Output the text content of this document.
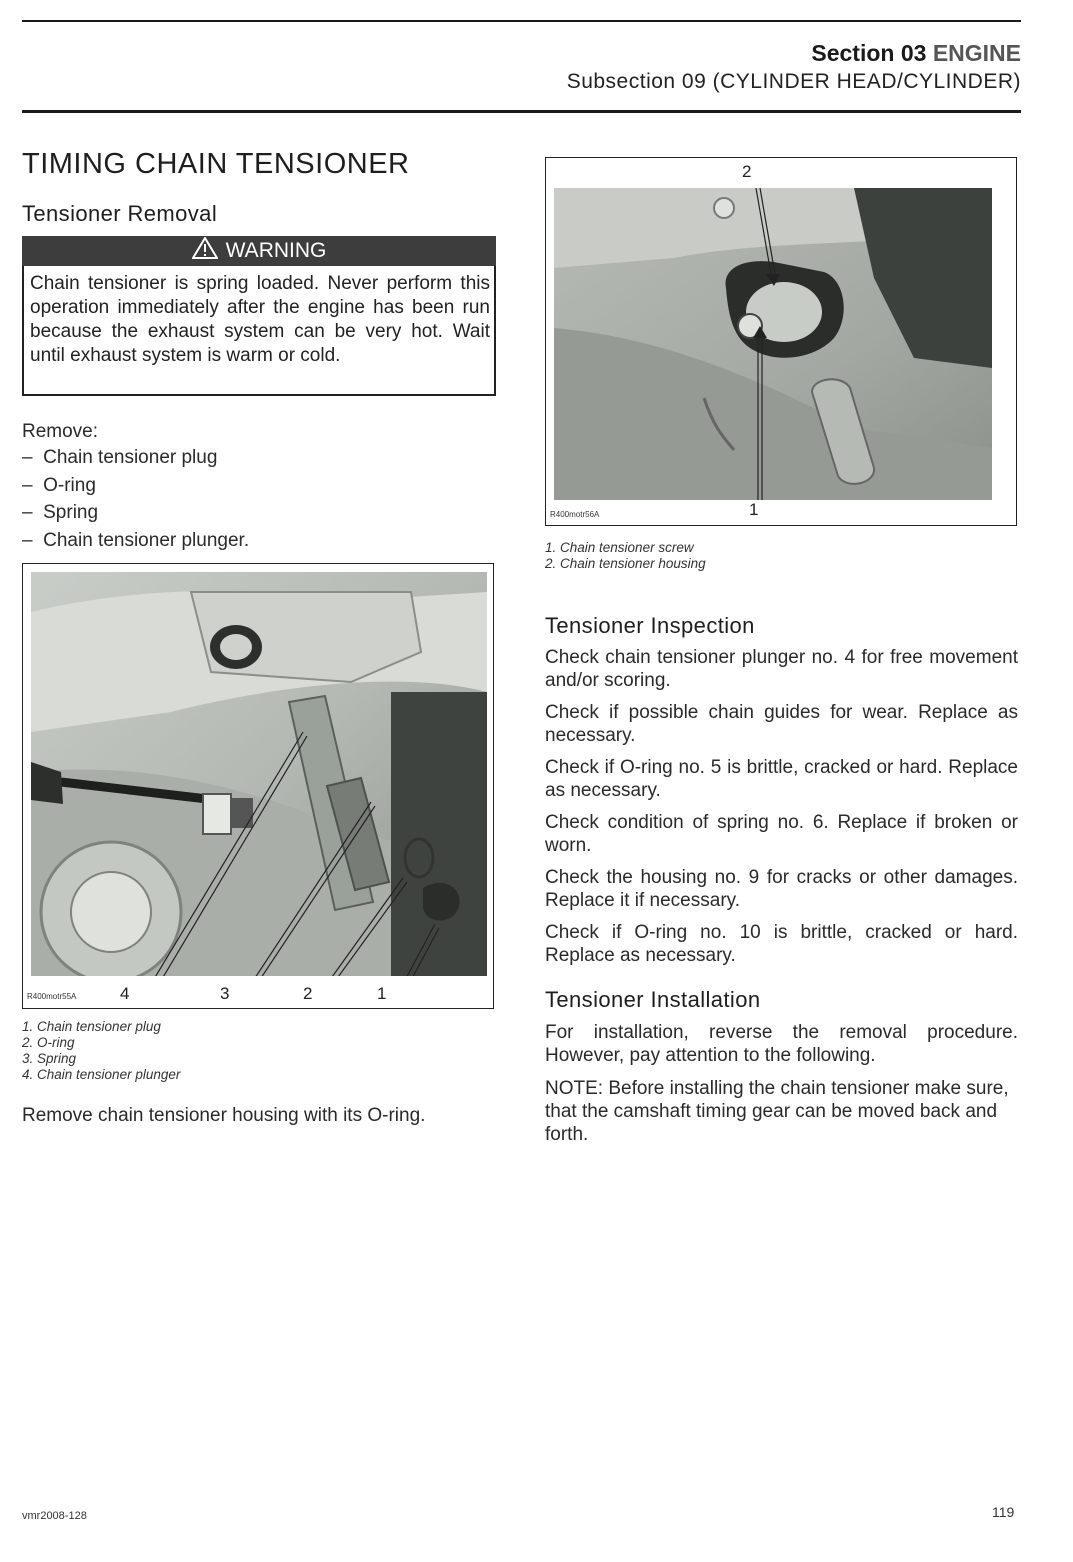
Section 03 ENGINE
Subsection 09 (CYLINDER HEAD/CYLINDER)
TIMING CHAIN TENSIONER
Tensioner Removal
WARNING
Chain tensioner is spring loaded. Never perform this operation immediately after the engine has been run because the exhaust system can be very hot. Wait until exhaust system is warm or cold.
Remove:
–  Chain tensioner plug
–  O-ring
–  Spring
–  Chain tensioner plunger.
R400motr55A	4	3	2	1
1. Chain tensioner plug
2. O-ring
3. Spring
4. Chain tensioner plunger
Remove chain tensioner housing with its O-ring.
2
R400motr56A	1
1. Chain tensioner screw
2. Chain tensioner housing
Tensioner Inspection
Check chain tensioner plunger no. 4 for free movement and/or scoring.
Check if possible chain guides for wear. Replace as necessary.
Check if O-ring no. 5 is brittle, cracked or hard. Replace as necessary.
Check condition of spring no. 6. Replace if broken or worn.
Check the housing no. 9 for cracks or other damages. Replace it if necessary.
Check if O-ring no. 10 is brittle, cracked or hard. Replace as necessary.
Tensioner Installation
For installation, reverse the removal procedure. However, pay attention to the following.
NOTE: Before installing the chain tensioner make sure, that the camshaft timing gear can be moved back and forth.
vmr2008-128	119
